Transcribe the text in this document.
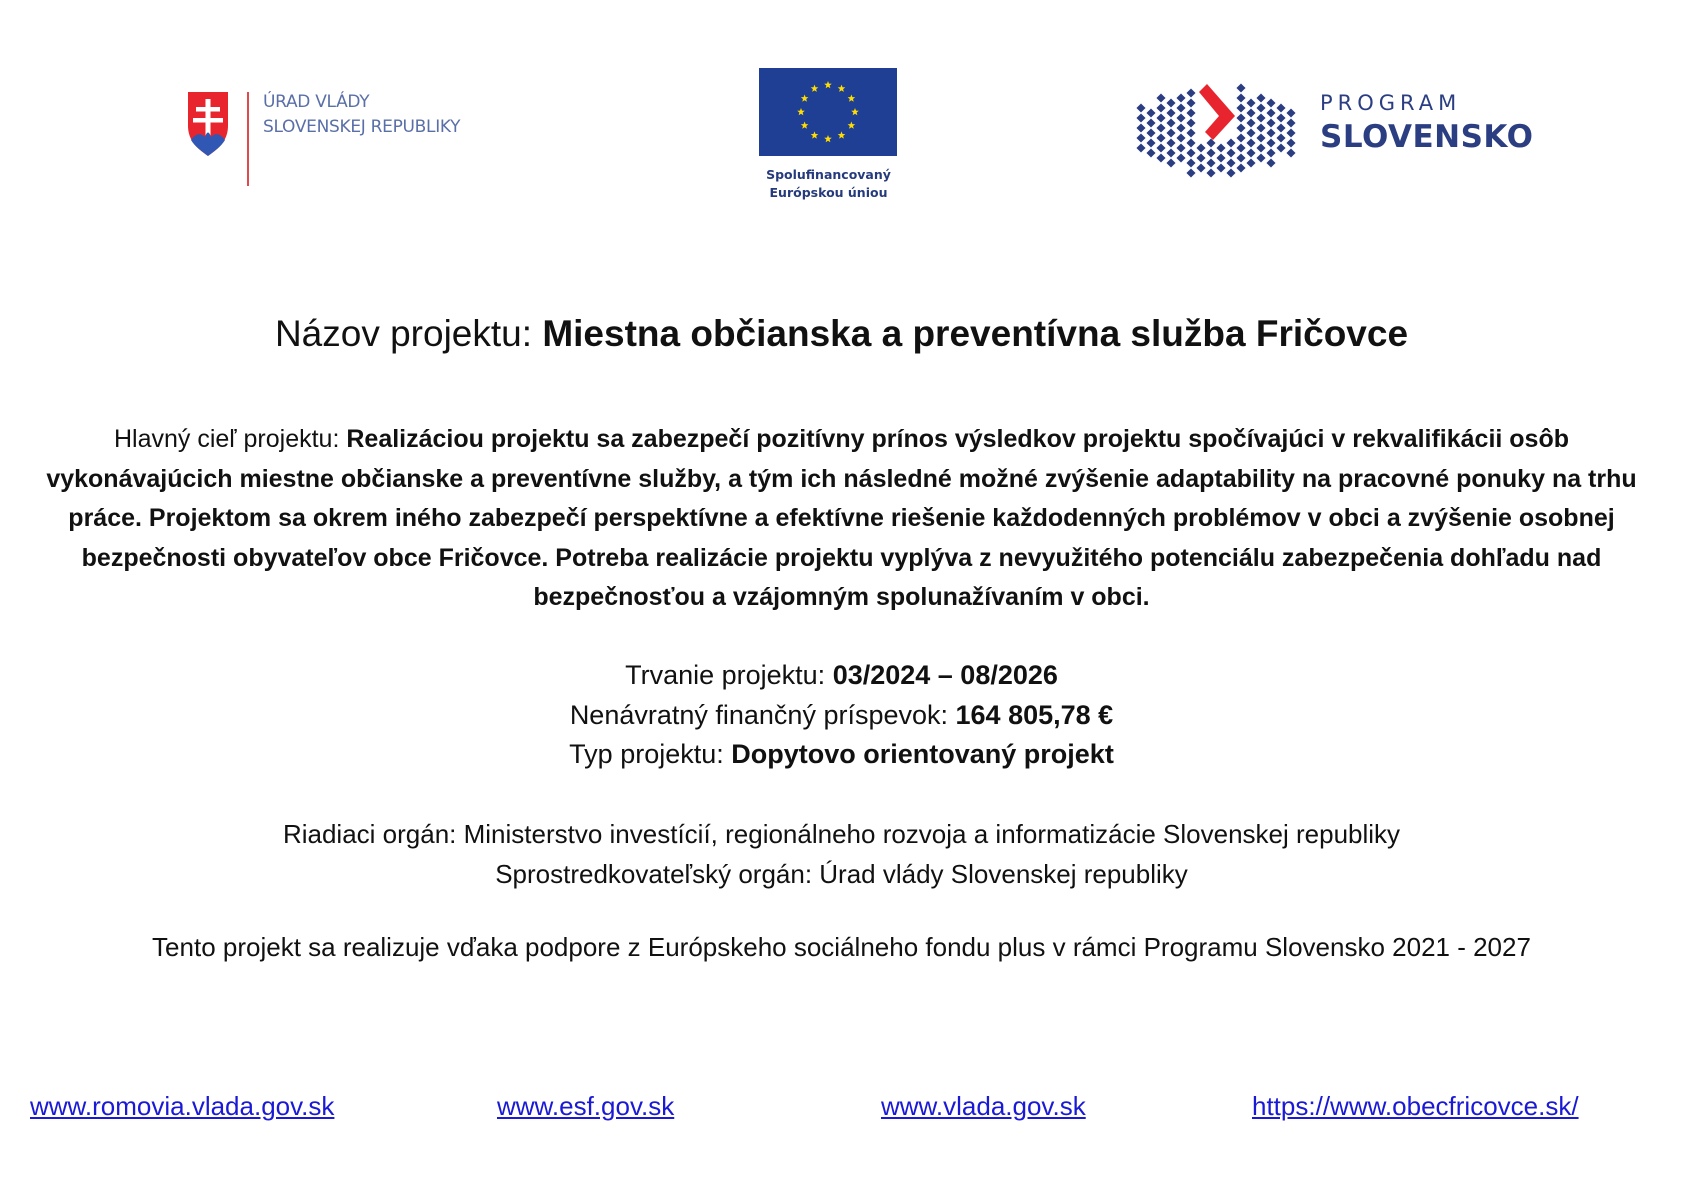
ÚRAD VLÁDY
SLOVENSKEJ REPUBLIKY
Spolufinancovaný
Európskou úniou
PROGRAM
SLOVENSKO
Názov projektu: Miestna občianska a preventívna služba Fričovce
Hlavný cieľ projektu: Realizáciou projektu sa zabezpečí pozitívny prínos výsledkov projektu spočívajúci v rekvalifikácii osôb vykonávajúcich miestne občianske a preventívne služby, a tým ich následné možné zvýšenie adaptability na pracovné ponuky na trhu práce. Projektom sa okrem iného zabezpečí perspektívne a efektívne riešenie každodenných problémov v obci a zvýšenie osobnej bezpečnosti obyvateľov obce Fričovce. Potreba realizácie projektu vyplýva z nevyužitého potenciálu zabezpečenia dohľadu nad bezpečnosťou a vzájomným spolunažívaním v obci.
Trvanie projektu: 03/2024 – 08/2026
Nenávratný finančný príspevok: 164 805,78 €
Typ projektu: Dopytovo orientovaný projekt
Riadiaci orgán: Ministerstvo investícií, regionálneho rozvoja a informatizácie Slovenskej republiky
Sprostredkovateľský orgán: Úrad vlády Slovenskej republiky
Tento projekt sa realizuje vďaka podpore z Európskeho sociálneho fondu plus v rámci Programu Slovensko 2021 - 2027
www.romovia.vlada.gov.sk	www.esf.gov.sk	www.vlada.gov.sk	https://www.obecfricovce.sk/
